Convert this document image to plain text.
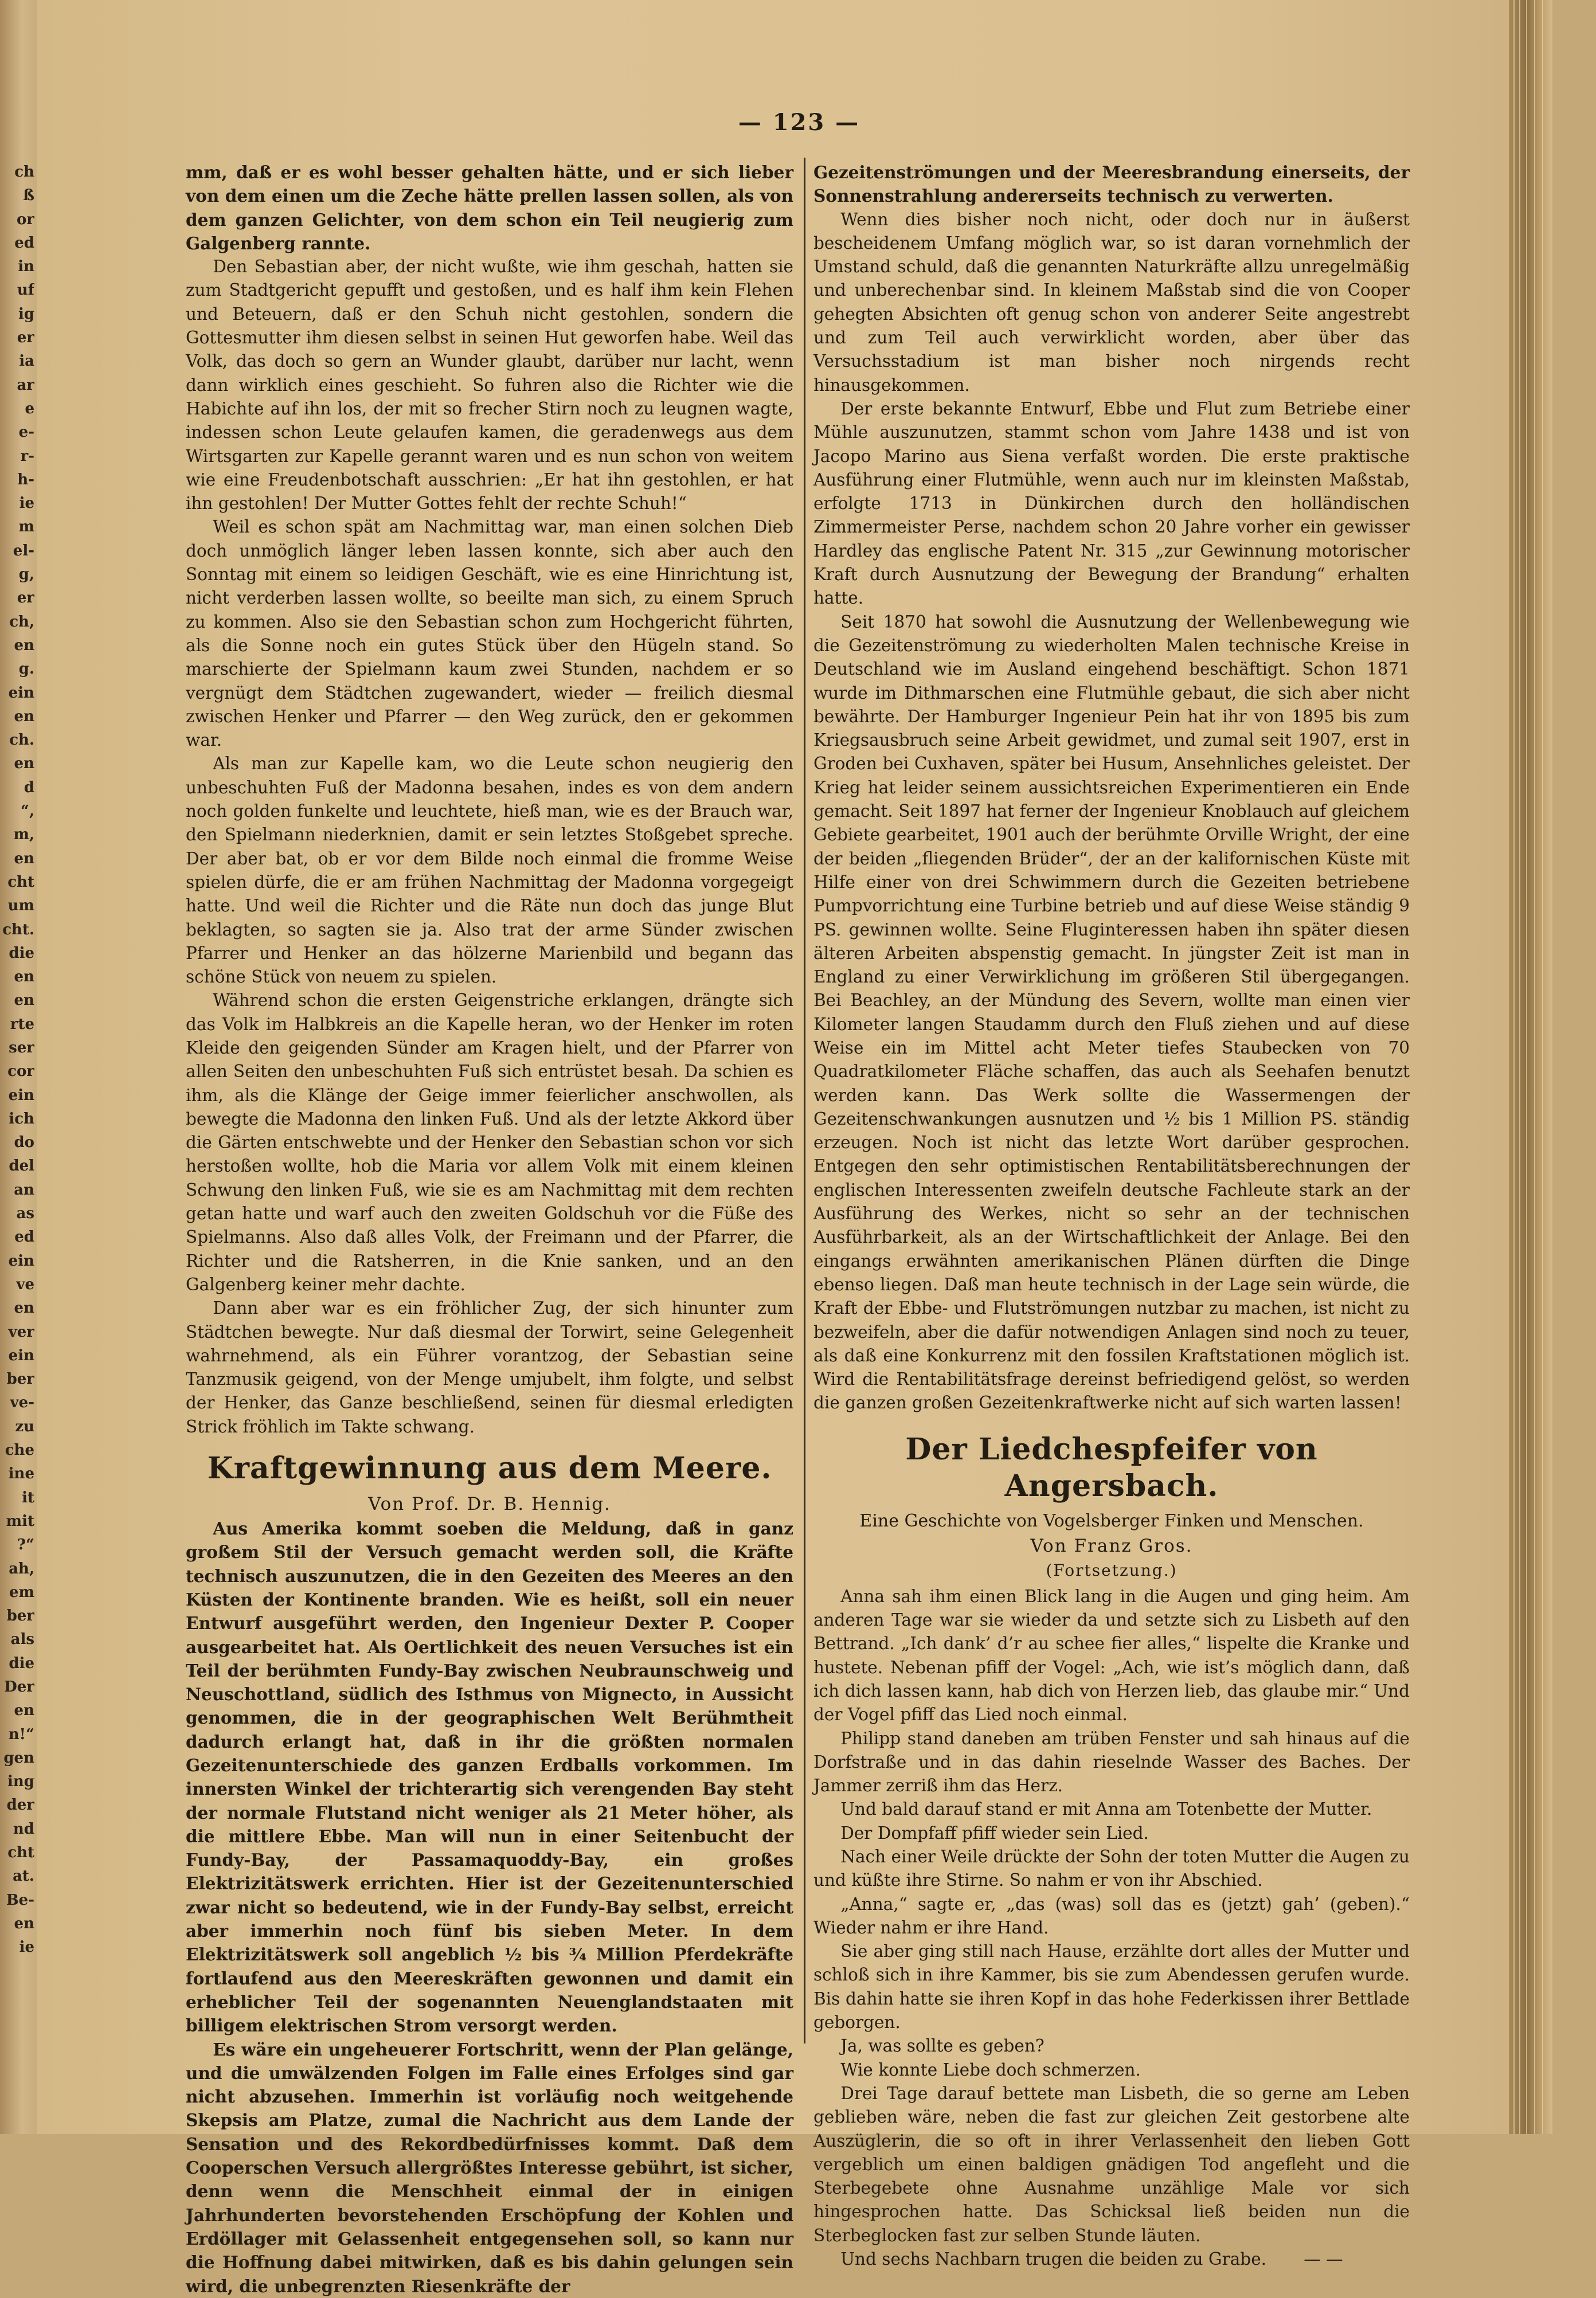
ch
ß
or
ed
in
uf
ig
er
ia
ar
e
e-
r-
h-
ie
m
el-
g,
er
ch,
en
g.
ein
en
ch.
en
d
“,
m,
en
cht
um
cht.
die
en
en
rte
ser
cor
ein
ich
do
del
an
as
ed
ein
ve
en
ver
ein
ber
ve-
zu
che
ine
it
mit
?“
ah,
em
ber
als
die
Der
en
n!“
gen
ing
der
nd
cht
at.
Be-
en
ie
— 123 —

mm, daß er es wohl besser gehalten hätte, und er sich lieber von dem einen um die Zeche hätte prellen lassen sollen, als von dem ganzen Gelichter, von dem schon ein Teil neugierig zum Galgenberg rannte.

Den Sebastian aber, der nicht wußte, wie ihm geschah, hatten sie zum Stadtgericht gepufft und gestoßen, und es half ihm kein Flehen und Beteuern, daß er den Schuh nicht gestohlen, sondern die Gottesmutter ihm diesen selbst in seinen Hut geworfen habe. Weil das Volk, das doch so gern an Wunder glaubt, darüber nur lacht, wenn dann wirklich eines geschieht. So fuhren also die Richter wie die Habichte auf ihn los, der mit so frecher Stirn noch zu leugnen wagte, indessen schon Leute gelaufen kamen, die geradenwegs aus dem Wirtsgarten zur Kapelle gerannt waren und es nun schon von weitem wie eine Freudenbotschaft ausschrien: „Er hat ihn gestohlen, er hat ihn gestohlen! Der Mutter Gottes fehlt der rechte Schuh!“

Weil es schon spät am Nachmittag war, man einen solchen Dieb doch unmöglich länger leben lassen konnte, sich aber auch den Sonntag mit einem so leidigen Geschäft, wie es eine Hinrichtung ist, nicht verderben lassen wollte, so beeilte man sich, zu einem Spruch zu kommen. Also sie den Sebastian schon zum Hochgericht führten, als die Sonne noch ein gutes Stück über den Hügeln stand. So marschierte der Spielmann kaum zwei Stunden, nachdem er so vergnügt dem Städtchen zugewandert, wieder — freilich diesmal zwischen Henker und Pfarrer — den Weg zurück, den er gekommen war.

Als man zur Kapelle kam, wo die Leute schon neugierig den unbeschuhten Fuß der Madonna besahen, indes es von dem andern noch golden funkelte und leuchtete, hieß man, wie es der Brauch war, den Spielmann niederknien, damit er sein letztes Stoßgebet spreche. Der aber bat, ob er vor dem Bilde noch einmal die fromme Weise spielen dürfe, die er am frühen Nachmittag der Madonna vorgegeigt hatte. Und weil die Richter und die Räte nun doch das junge Blut beklagten, so sagten sie ja. Also trat der arme Sünder zwischen Pfarrer und Henker an das hölzerne Marienbild und begann das schöne Stück von neuem zu spielen.

Während schon die ersten Geigenstriche erklangen, drängte sich das Volk im Halbkreis an die Kapelle heran, wo der Henker im roten Kleide den geigenden Sünder am Kragen hielt, und der Pfarrer von allen Seiten den unbeschuhten Fuß sich entrüstet besah. Da schien es ihm, als die Klänge der Geige immer feierlicher anschwollen, als bewegte die Madonna den linken Fuß. Und als der letzte Akkord über die Gärten entschwebte und der Henker den Sebastian schon vor sich herstoßen wollte, hob die Maria vor allem Volk mit einem kleinen Schwung den linken Fuß, wie sie es am Nachmittag mit dem rechten getan hatte und warf auch den zweiten Goldschuh vor die Füße des Spielmanns. Also daß alles Volk, der Freimann und der Pfarrer, die Richter und die Ratsherren, in die Knie sanken, und an den Galgenberg keiner mehr dachte.

Dann aber war es ein fröhlicher Zug, der sich hinunter zum Städtchen bewegte. Nur daß diesmal der Torwirt, seine Gelegenheit wahrnehmend, als ein Führer vorantzog, der Sebastian seine Tanzmusik geigend, von der Menge umjubelt, ihm folgte, und selbst der Henker, das Ganze beschließend, seinen für diesmal erledigten Strick fröhlich im Takte schwang.

Kraftgewinnung aus dem Meere.
Von Prof. Dr. B. Hennig.

Aus Amerika kommt soeben die Meldung, daß in ganz großem Stil der Versuch gemacht werden soll, die Kräfte technisch auszunutzen, die in den Gezeiten des Meeres an den Küsten der Kontinente branden. Wie es heißt, soll ein neuer Entwurf ausgeführt werden, den Ingenieur Dexter P. Cooper ausgearbeitet hat. Als Oertlichkeit des neuen Versuches ist ein Teil der berühmten Fundy-Bay zwischen Neubraunschweig und Neuschottland, südlich des Isthmus von Mignecto, in Aussicht genommen, die in der geographischen Welt Berühmtheit dadurch erlangt hat, daß in ihr die größten normalen Gezeitenunterschiede des ganzen Erdballs vorkommen. Im innersten Winkel der trichterartig sich verengenden Bay steht der normale Flutstand nicht weniger als 21 Meter höher, als die mittlere Ebbe. Man will nun in einer Seitenbucht der Fundy-Bay, der Passamaquoddy-Bay, ein großes Elektrizitätswerk errichten. Hier ist der Gezeitenunterschied zwar nicht so bedeutend, wie in der Fundy-Bay selbst, erreicht aber immerhin noch fünf bis sieben Meter. In dem Elektrizitätswerk soll angeblich ½ bis ¾ Million Pferdekräfte fortlaufend aus den Meereskräften gewonnen und damit ein erheblicher Teil der sogenannten Neuenglandstaaten mit billigem elektrischen Strom versorgt werden.

Es wäre ein ungeheuerer Fortschritt, wenn der Plan gelänge, und die umwälzenden Folgen im Falle eines Erfolges sind gar nicht abzusehen. Immerhin ist vorläufig noch weitgehende Skepsis am Platze, zumal die Nachricht aus dem Lande der Sensation und des Rekordbedürfnisses kommt. Daß dem Cooperschen Versuch allergrößtes Interesse gebührt, ist sicher, denn wenn die Menschheit einmal der in einigen Jahrhunderten bevorstehenden Erschöpfung der Kohlen und Erdöllager mit Gelassenheit entgegensehen soll, so kann nur die Hoffnung dabei mitwirken, daß es bis dahin gelungen sein wird, die unbegrenzten Riesenkräfte der

Gezeitenströmungen und der Meeresbrandung einerseits, der Sonnenstrahlung andererseits technisch zu verwerten.

Wenn dies bisher noch nicht, oder doch nur in äußerst bescheidenem Umfang möglich war, so ist daran vornehmlich der Umstand schuld, daß die genannten Naturkräfte allzu unregelmäßig und unberechenbar sind. In kleinem Maßstab sind die von Cooper gehegten Absichten oft genug schon von anderer Seite angestrebt und zum Teil auch verwirklicht worden, aber über das Versuchsstadium ist man bisher noch nirgends recht hinausgekommen.

Der erste bekannte Entwurf, Ebbe und Flut zum Betriebe einer Mühle auszunutzen, stammt schon vom Jahre 1438 und ist von Jacopo Marino aus Siena verfaßt worden. Die erste praktische Ausführung einer Flutmühle, wenn auch nur im kleinsten Maßstab, erfolgte 1713 in Dünkirchen durch den holländischen Zimmermeister Perse, nachdem schon 20 Jahre vorher ein gewisser Hardley das englische Patent Nr. 315 „zur Gewinnung motorischer Kraft durch Ausnutzung der Bewegung der Brandung“ erhalten hatte.

Seit 1870 hat sowohl die Ausnutzung der Wellenbewegung wie die Gezeitenströmung zu wiederholten Malen technische Kreise in Deutschland wie im Ausland eingehend beschäftigt. Schon 1871 wurde im Dithmarschen eine Flutmühle gebaut, die sich aber nicht bewährte. Der Hamburger Ingenieur Pein hat ihr von 1895 bis zum Kriegsausbruch seine Arbeit gewidmet, und zumal seit 1907, erst in Groden bei Cuxhaven, später bei Husum, Ansehnliches geleistet. Der Krieg hat leider seinem aussichtsreichen Experimentieren ein Ende gemacht. Seit 1897 hat ferner der Ingenieur Knoblauch auf gleichem Gebiete gearbeitet, 1901 auch der berühmte Orville Wright, der eine der beiden „fliegenden Brüder“, der an der kalifornischen Küste mit Hilfe einer von drei Schwimmern durch die Gezeiten betriebene Pumpvorrichtung eine Turbine betrieb und auf diese Weise ständig 9 PS. gewinnen wollte. Seine Fluginteressen haben ihn später diesen älteren Arbeiten abspenstig gemacht. In jüngster Zeit ist man in England zu einer Verwirklichung im größeren Stil übergegangen. Bei Beachley, an der Mündung des Severn, wollte man einen vier Kilometer langen Staudamm durch den Fluß ziehen und auf diese Weise ein im Mittel acht Meter tiefes Staubecken von 70 Quadratkilometer Fläche schaffen, das auch als Seehafen benutzt werden kann. Das Werk sollte die Wassermengen der Gezeitenschwankungen ausnutzen und ½ bis 1 Million PS. ständig erzeugen. Noch ist nicht das letzte Wort darüber gesprochen. Entgegen den sehr optimistischen Rentabilitätsberechnungen der englischen Interessenten zweifeln deutsche Fachleute stark an der Ausführung des Werkes, nicht so sehr an der technischen Ausführbarkeit, als an der Wirtschaftlichkeit der Anlage. Bei den eingangs erwähnten amerikanischen Plänen dürften die Dinge ebenso liegen. Daß man heute technisch in der Lage sein würde, die Kraft der Ebbe- und Flutströmungen nutzbar zu machen, ist nicht zu bezweifeln, aber die dafür notwendigen Anlagen sind noch zu teuer, als daß eine Konkurrenz mit den fossilen Kraftstationen möglich ist. Wird die Rentabilitätsfrage dereinst befriedigend gelöst, so werden die ganzen großen Gezeitenkraftwerke nicht auf sich warten lassen!

Der Liedchespfeifer von Angersbach.
Eine Geschichte von Vogelsberger Finken und Menschen.
Von Franz Gros.
(Fortsetzung.)

Anna sah ihm einen Blick lang in die Augen und ging heim. Am anderen Tage war sie wieder da und setzte sich zu Lisbeth auf den Bettrand. „Ich dank’ d’r au schee fier alles,“ lispelte die Kranke und hustete. Nebenan pfiff der Vogel: „Ach, wie ist’s möglich dann, daß ich dich lassen kann, hab dich von Herzen lieb, das glaube mir.“ Und der Vogel pfiff das Lied noch einmal.

Philipp stand daneben am trüben Fenster und sah hinaus auf die Dorfstraße und in das dahin rieselnde Wasser des Baches. Der Jammer zerriß ihm das Herz.

Und bald darauf stand er mit Anna am Totenbette der Mutter.

Der Dompfaff pfiff wieder sein Lied.

Nach einer Weile drückte der Sohn der toten Mutter die Augen zu und küßte ihre Stirne. So nahm er von ihr Abschied.

„Anna,“ sagte er, „das (was) soll das es (jetzt) gah’ (geben).“ Wieder nahm er ihre Hand.

Sie aber ging still nach Hause, erzählte dort alles der Mutter und schloß sich in ihre Kammer, bis sie zum Abendessen gerufen wurde. Bis dahin hatte sie ihren Kopf in das hohe Federkissen ihrer Bettlade geborgen.

Ja, was sollte es geben?

Wie konnte Liebe doch schmerzen.

Drei Tage darauf bettete man Lisbeth, die so gerne am Leben geblieben wäre, neben die fast zur gleichen Zeit gestorbene alte Auszüglerin, die so oft in ihrer Verlassenheit den lieben Gott vergeblich um einen baldigen gnädigen Tod angefleht und die Sterbegebete ohne Ausnahme unzählige Male vor sich hingesprochen hatte. Das Schicksal ließ beiden nun die Sterbeglocken fast zur selben Stunde läuten.

Und sechs Nachbarn trugen die beiden zu Grabe.	— —
